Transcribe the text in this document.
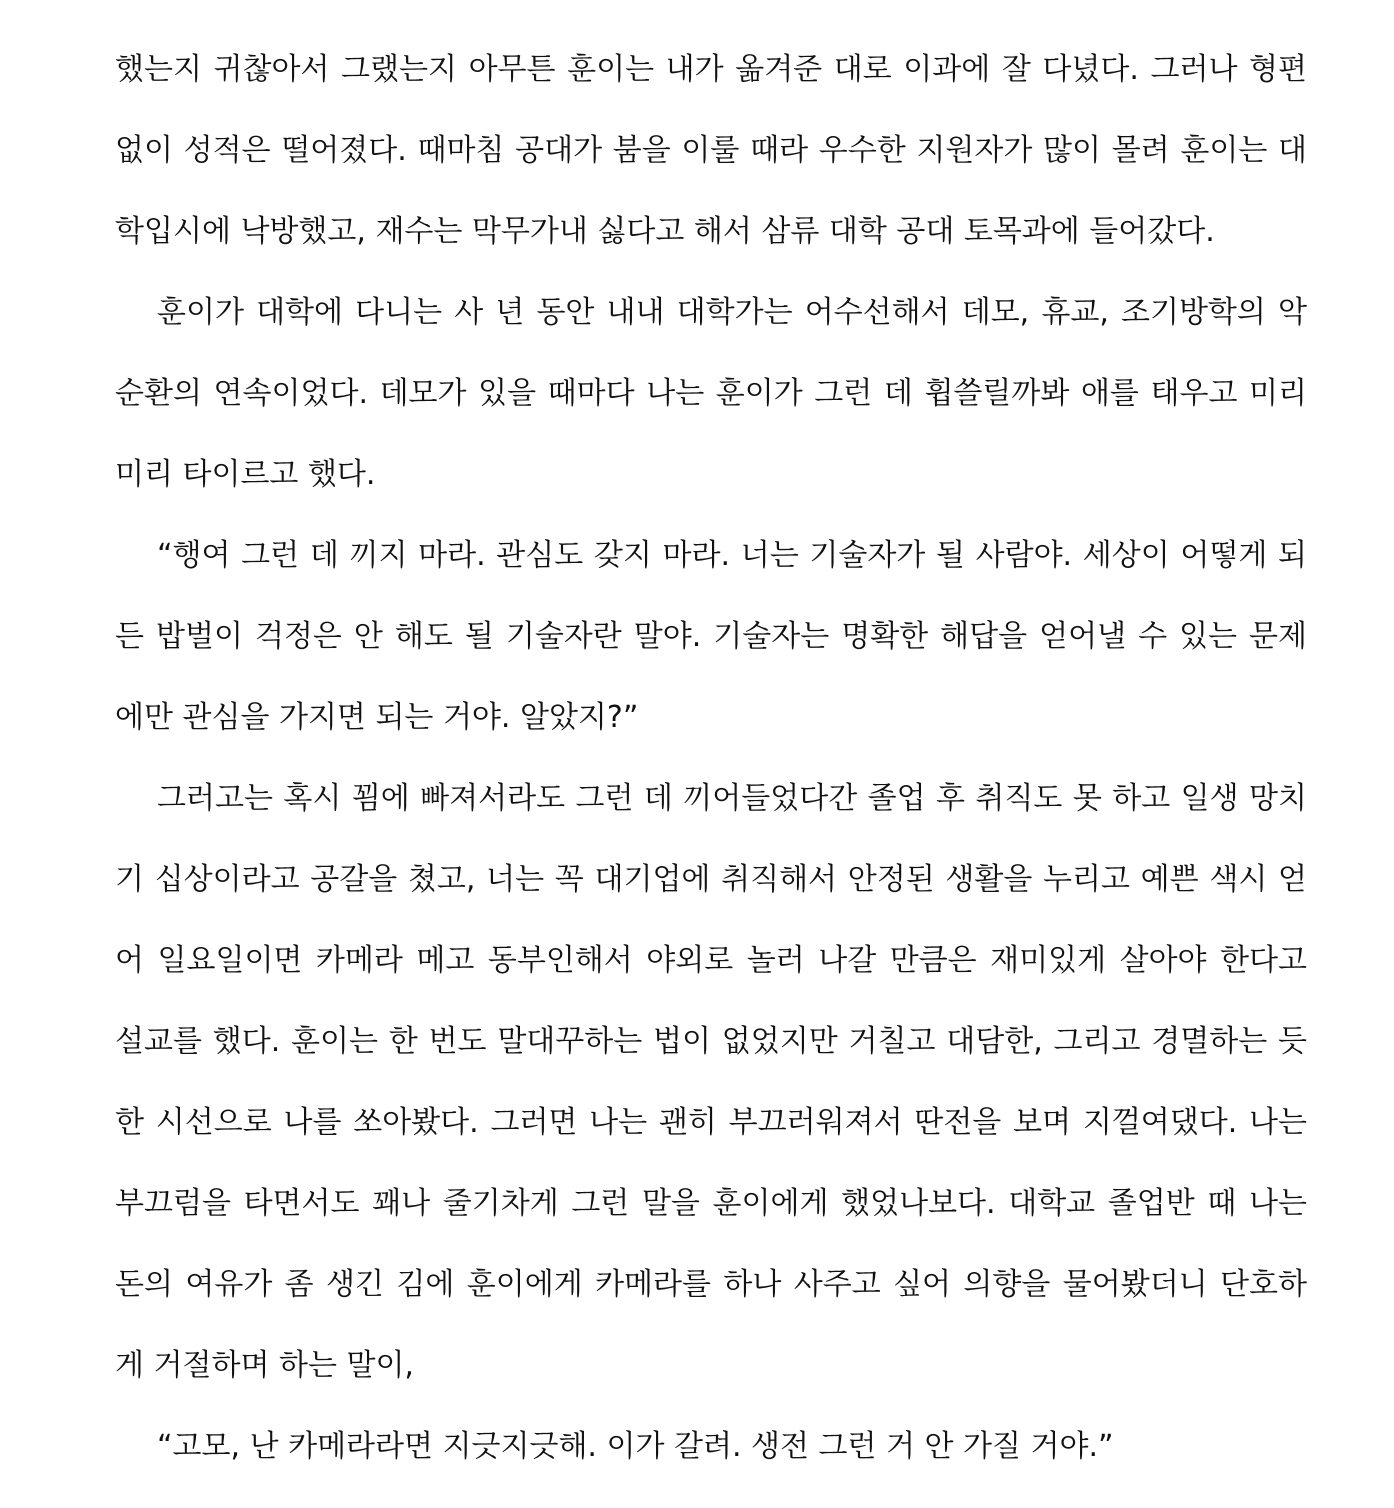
했는지 귀찮아서 그랬는지 아무튼 훈이는 내가 옮겨준 대로 이과에 잘 다녔다. 그러나 형편
없이 성적은 떨어졌다. 때마침 공대가 붐을 이룰 때라 우수한 지원자가 많이 몰려 훈이는 대
학입시에 낙방했고, 재수는 막무가내 싫다고 해서 삼류 대학 공대 토목과에 들어갔다.
훈이가 대학에 다니는 사 년 동안 내내 대학가는 어수선해서 데모, 휴교, 조기방학의 악
순환의 연속이었다. 데모가 있을 때마다 나는 훈이가 그런 데 휩쓸릴까봐 애를 태우고 미리
미리 타이르고 했다.
“행여 그런 데 끼지 마라. 관심도 갖지 마라. 너는 기술자가 될 사람야. 세상이 어떻게 되
든 밥벌이 걱정은 안 해도 될 기술자란 말야. 기술자는 명확한 해답을 얻어낼 수 있는 문제
에만 관심을 가지면 되는 거야. 알았지?”
그러고는 혹시 꾐에 빠져서라도 그런 데 끼어들었다간 졸업 후 취직도 못 하고 일생 망치
기 십상이라고 공갈을 쳤고, 너는 꼭 대기업에 취직해서 안정된 생활을 누리고 예쁜 색시 얻
어 일요일이면 카메라 메고 동부인해서 야외로 놀러 나갈 만큼은 재미있게 살아야 한다고
설교를 했다. 훈이는 한 번도 말대꾸하는 법이 없었지만 거칠고 대담한, 그리고 경멸하는 듯
한 시선으로 나를 쏘아봤다. 그러면 나는 괜히 부끄러워져서 딴전을 보며 지껄여댔다. 나는
부끄럼을 타면서도 꽤나 줄기차게 그런 말을 훈이에게 했었나보다. 대학교 졸업반 때 나는
돈의 여유가 좀 생긴 김에 훈이에게 카메라를 하나 사주고 싶어 의향을 물어봤더니 단호하
게 거절하며 하는 말이,
“고모, 난 카메라라면 지긋지긋해. 이가 갈려. 생전 그런 거 안 가질 거야.”
